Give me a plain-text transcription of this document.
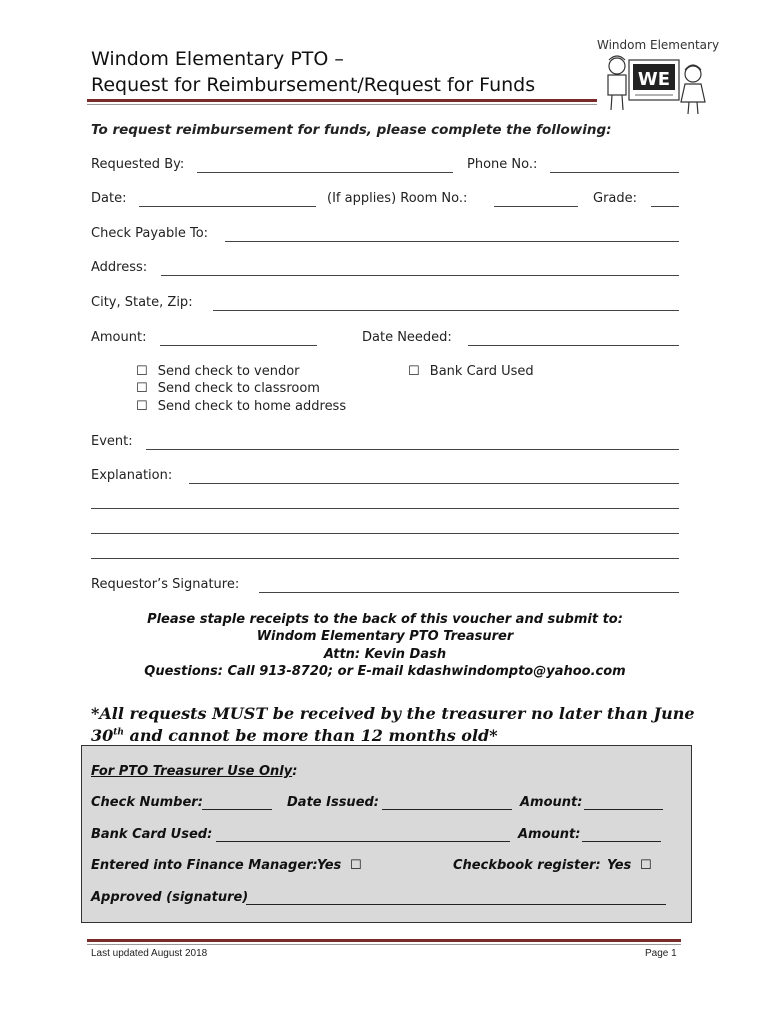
Windom Elementary PTO –
Request for Reimbursement/Request for Funds
Windom Elementary
WE
To request reimbursement for funds, please complete the following:
Requested By:	Phone No.:
Date:	(If applies) Room No.:	Grade:
Check Payable To:
Address:
City, State, Zip:
Amount:	Date Needed:
☐ Send check to vendor
☐ Send check to classroom
☐ Send check to home address
☐ Bank Card Used
Event:
Explanation:
Requestor’s Signature:
Please staple receipts to the back of this voucher and submit to:
Windom Elementary PTO Treasurer
Attn: Kevin Dash
Questions: Call 913-8720; or E-mail kdashwindompto@yahoo.com
*All requests MUST be received by the treasurer no later than June
30th and cannot be more than 12 months old*
For PTO Treasurer Use Only:
Check Number:	Date Issued:	Amount:
Bank Card Used:	Amount:
Entered into Finance Manager: Yes ☐	Checkbook register: Yes ☐
Approved (signature)
Last updated August 2018	Page 1
